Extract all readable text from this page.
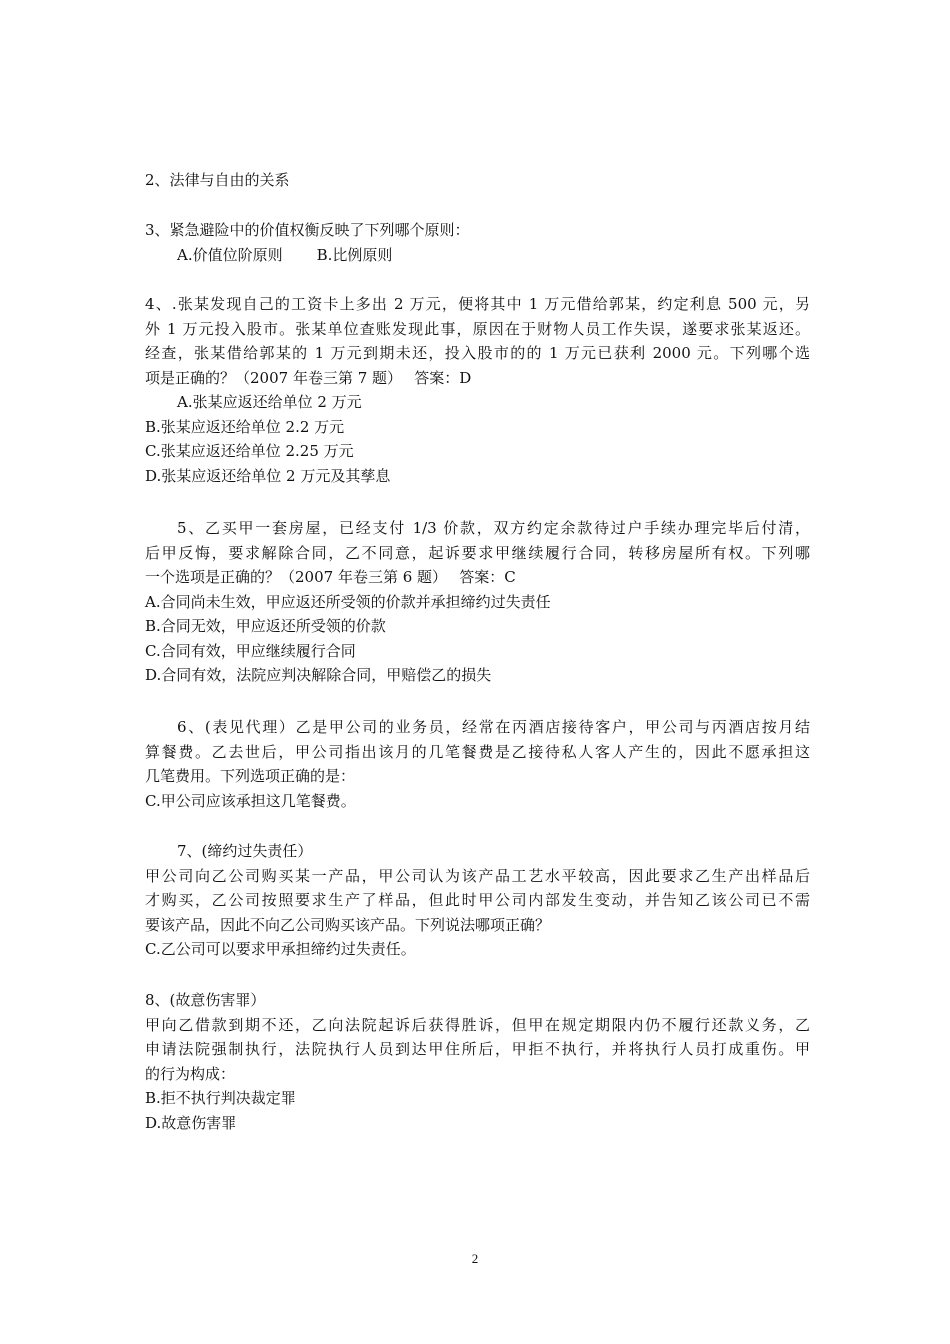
2、法律与自由的关系
3、紧急避险中的价值权衡反映了下列哪个原则：
A.价值位阶原则 B.比例原则
4、.张某发现自己的工资卡上多出 2 万元，便将其中 1 万元借给郭某，约定利息 500 元，另
外 1 万元投入股市。张某单位查账发现此事，原因在于财物人员工作失误，遂要求张某返还。
经查，张某借给郭某的 1 万元到期未还，投入股市的的 1 万元已获利 2000 元。下列哪个选
项是正确的？（2007 年卷三第 7 题）　 答案：D
A.张某应返还给单位 2 万元
B.张某应返还给单位 2.2 万元
C.张某应返还给单位 2.25 万元
D.张某应返还给单位 2 万元及其孳息
5、乙买甲一套房屋，已经支付 1/3 价款，双方约定余款待过户手续办理完毕后付清，
后甲反悔，要求解除合同，乙不同意，起诉要求甲继续履行合同，转移房屋所有权。下列哪
一个选项是正确的？（2007 年卷三第 6 题）　 答案：C
A.合同尚未生效，甲应返还所受领的价款并承担缔约过失责任
B.合同无效，甲应返还所受领的价款
C.合同有效，甲应继续履行合同
D.合同有效，法院应判决解除合同，甲赔偿乙的损失
6、(表见代理）乙是甲公司的业务员，经常在丙酒店接待客户，甲公司与丙酒店按月结
算餐费。乙去世后，甲公司指出该月的几笔餐费是乙接待私人客人产生的，因此不愿承担这
几笔费用。下列选项正确的是：
C.甲公司应该承担这几笔餐费。
7、(缔约过失责任）
甲公司向乙公司购买某一产品，甲公司认为该产品工艺水平较高，因此要求乙生产出样品后
才购买，乙公司按照要求生产了样品，但此时甲公司内部发生变动，并告知乙该公司已不需
要该产品，因此不向乙公司购买该产品。下列说法哪项正确？
C.乙公司可以要求甲承担缔约过失责任。
8、(故意伤害罪）
甲向乙借款到期不还，乙向法院起诉后获得胜诉，但甲在规定期限内仍不履行还款义务，乙
申请法院强制执行，法院执行人员到达甲住所后，甲拒不执行，并将执行人员打成重伤。甲
的行为构成：
B.拒不执行判决裁定罪
D.故意伤害罪
2
